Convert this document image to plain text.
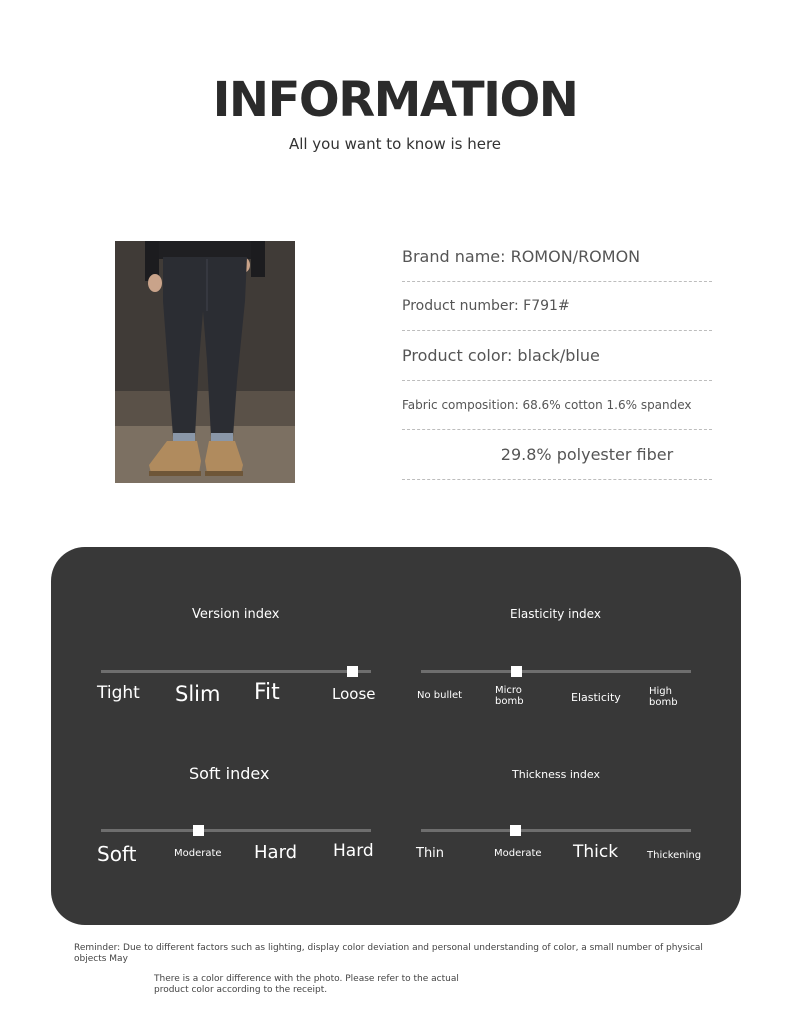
INFORMATION
All you want to know is here
Brand name: ROMON/ROMON
Product number: F791#
Product color: black/blue
Fabric composition: 68.6% cotton 1.6% spandex
29.8% polyester fiber
Version index
Tight Slim Fit	Loose
Elasticity index
No bullet	Micro
bomb	Elasticity	High
bomb
Soft index
Soft	Moderate Hard Hard
Thickness index
Thin	Moderate Thick	Thickening
Reminder: Due to different factors such as lighting, display color deviation and personal understanding of color, a small number of physical objects May
There is a color difference with the photo. Please refer to the actual product color according to the receipt.
